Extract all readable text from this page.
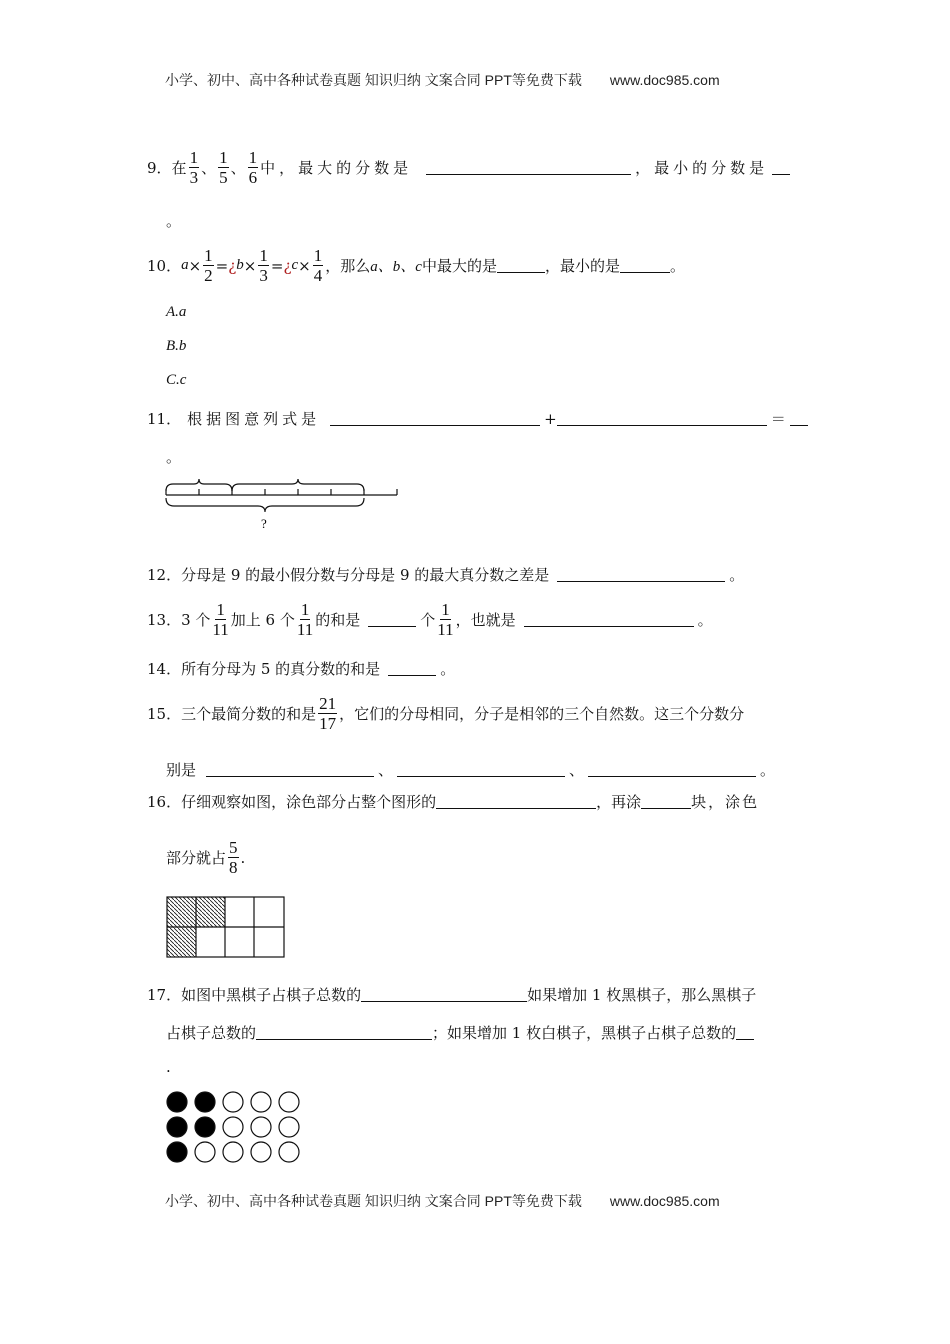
小学、初中、高中各种试卷真题 知识归纳 文案合同 PPT等免费下载 www.doc985.com
9． 在 $\frac{1}{3}$ 、 $\frac{1}{5}$ 、 $\frac{1}{6}$ 中，最大的分数是	，最小的分数是
。
10． $a \times \frac{1}{2}$ = ¿ $b \times \frac{1}{3}$ = ¿ $c \times \frac{1}{4}$ ，那么 a、b、c 中最大的是	，最小的是	。
A.a
B.b
C.c
11． 根据图意列式是	+	＝
。
?
12． 分母是 9 的最小假分数与分母是 9 的最大真分数之差是	。
13． 3 个 $\frac{1}{11}$ 加上 6 个 $\frac{1}{11}$ 的和是	个 $\frac{1}{11}$ ，也就是	。
14． 所有分母为 5 的真分数的和是	。
15． 三个最简分数的和是 $\frac{21}{17}$ ，它们的分母相同，分子是相邻的三个自然数。这三个分数分
别是	、	、	。
16． 仔细观察如图，涂色部分占整个图形的	，再涂	块，涂色
部分就占 $\frac{5}{8}$ .
17． 如图中黑棋子占棋子总数的	如果增加 1 枚黑棋子，那么黑棋子
占棋子总数的	；如果增加 1 枚白棋子，黑棋子占棋子总数的
.
小学、初中、高中各种试卷真题 知识归纳 文案合同 PPT等免费下载 www.doc985.com
